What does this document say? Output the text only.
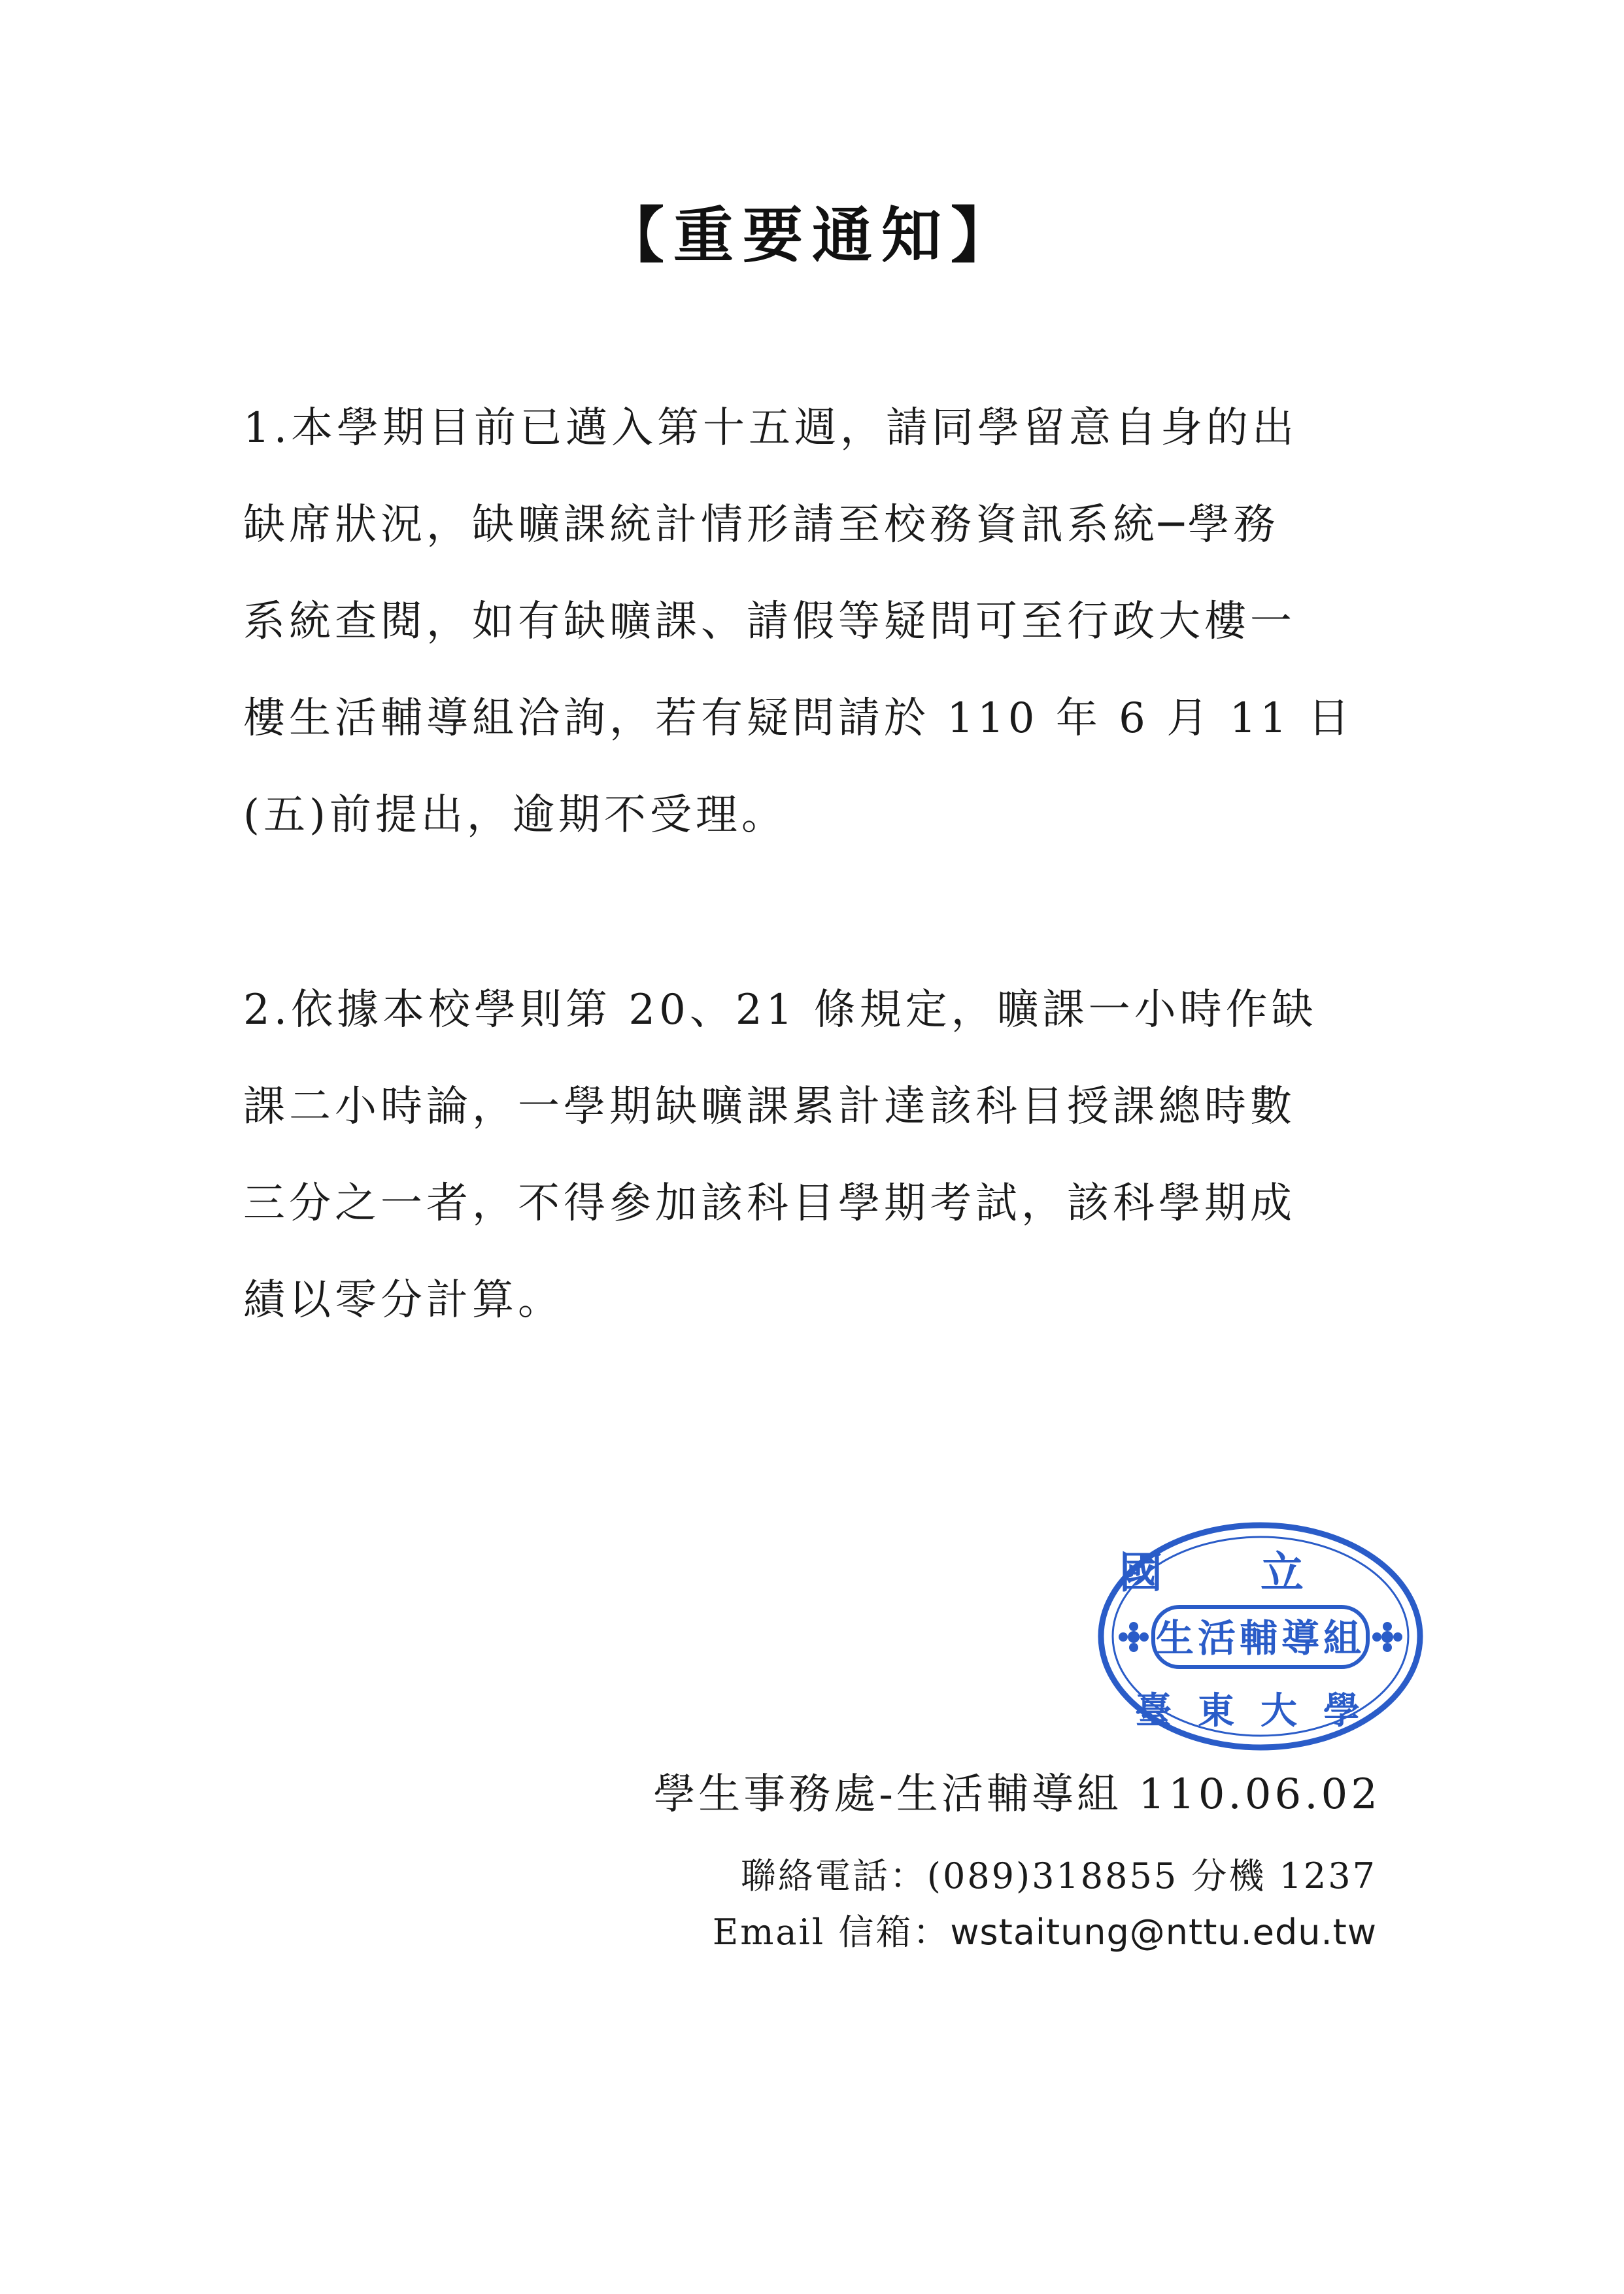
【重要通知】
1.本學期目前已邁入第十五週，請同學留意自身的出
缺席狀況，缺曠課統計情形請至校務資訊系統─學務
系統查閱，如有缺曠課、請假等疑問可至行政大樓一
樓生活輔導組洽詢，若有疑問請於 110 年 6 月 11 日
(五)前提出，逾期不受理。
2.依據本校學則第 20、21 條規定，曠課一小時作缺
課二小時論，一學期缺曠課累計達該科目授課總時數
三分之一者，不得參加該科目學期考試，該科學期成
績以零分計算。
國立
生活輔導組
臺東大學
學生事務處-生活輔導組 110.06.02
聯絡電話：(089)318855 分機 1237
Email 信箱：wstaitung@nttu.edu.tw
